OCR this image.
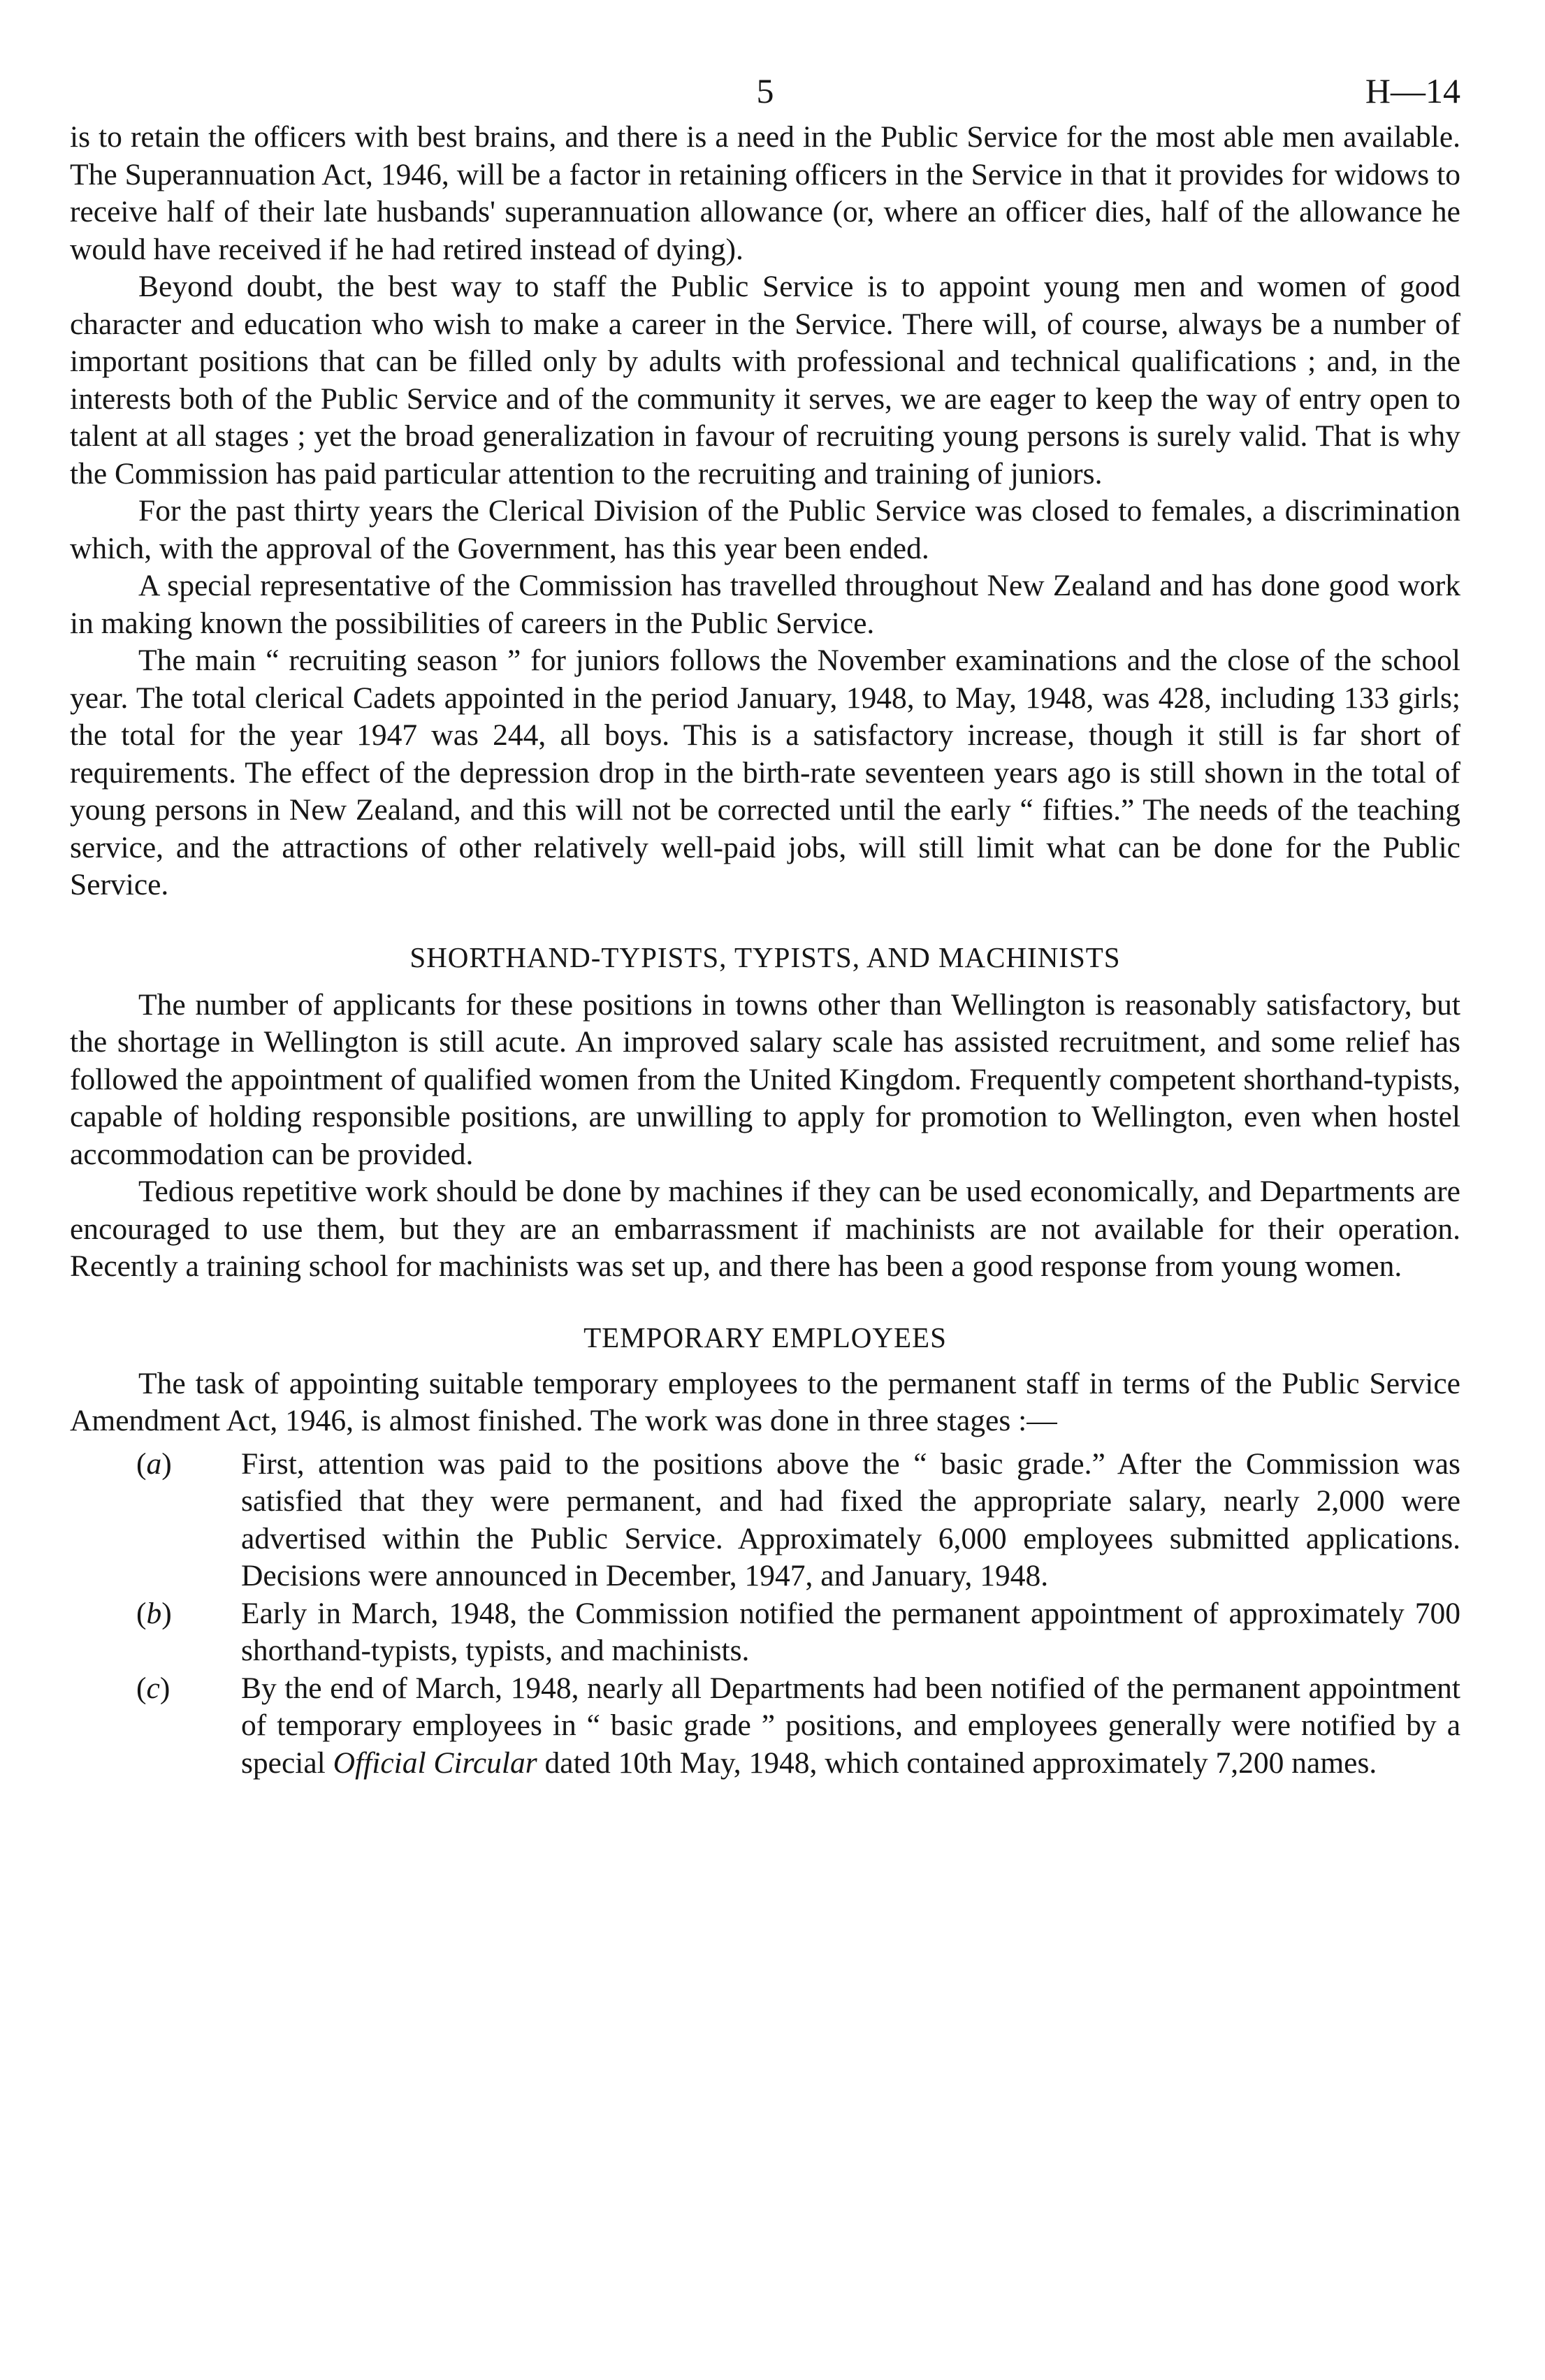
5	H—14

is to retain the officers with best brains, and there is a need in the Public Service for the most able men available. The Superannuation Act, 1946, will be a factor in retaining officers in the Service in that it provides for widows to receive half of their late husbands' superannuation allowance (or, where an officer dies, half of the allowance he would have received if he had retired instead of dying).

Beyond doubt, the best way to staff the Public Service is to appoint young men and women of good character and education who wish to make a career in the Service. There will, of course, always be a number of important positions that can be filled only by adults with professional and technical qualifications ; and, in the interests both of the Public Service and of the community it serves, we are eager to keep the way of entry open to talent at all stages ; yet the broad generalization in favour of recruiting young persons is surely valid. That is why the Commission has paid particular attention to the recruiting and training of juniors.

For the past thirty years the Clerical Division of the Public Service was closed to females, a discrimination which, with the approval of the Government, has this year been ended.

A special representative of the Commission has travelled throughout New Zealand and has done good work in making known the possibilities of careers in the Public Service.

The main “ recruiting season ” for juniors follows the November examinations and the close of the school year. The total clerical Cadets appointed in the period January, 1948, to May, 1948, was 428, including 133 girls; the total for the year 1947 was 244, all boys. This is a satisfactory increase, though it still is far short of requirements. The effect of the depression drop in the birth-rate seventeen years ago is still shown in the total of young persons in New Zealand, and this will not be corrected until the early “ fifties.” The needs of the teaching service, and the attractions of other relatively well-paid jobs, will still limit what can be done for the Public Service.

SHORTHAND-TYPISTS, TYPISTS, AND MACHINISTS

The number of applicants for these positions in towns other than Wellington is reasonably satisfactory, but the shortage in Wellington is still acute. An improved salary scale has assisted recruitment, and some relief has followed the appointment of qualified women from the United Kingdom. Frequently competent shorthand-typists, capable of holding responsible positions, are unwilling to apply for promotion to Wellington, even when hostel accommodation can be provided.

Tedious repetitive work should be done by machines if they can be used economically, and Departments are encouraged to use them, but they are an embarrassment if machinists are not available for their operation. Recently a training school for machinists was set up, and there has been a good response from young women.

TEMPORARY EMPLOYEES

The task of appointing suitable temporary employees to the permanent staff in terms of the Public Service Amendment Act, 1946, is almost finished. The work was done in three stages :—

(a) First, attention was paid to the positions above the “ basic grade.” After the Commission was satisfied that they were permanent, and had fixed the appropriate salary, nearly 2,000 were advertised within the Public Service. Approximately 6,000 employees submitted applications. Decisions were announced in December, 1947, and January, 1948.

(b) Early in March, 1948, the Commission notified the permanent appointment of approximately 700 shorthand-typists, typists, and machinists.

(c) By the end of March, 1948, nearly all Departments had been notified of the permanent appointment of temporary employees in “ basic grade ” positions, and employees generally were notified by a special Official Circular dated 10th May, 1948, which contained approximately 7,200 names.
